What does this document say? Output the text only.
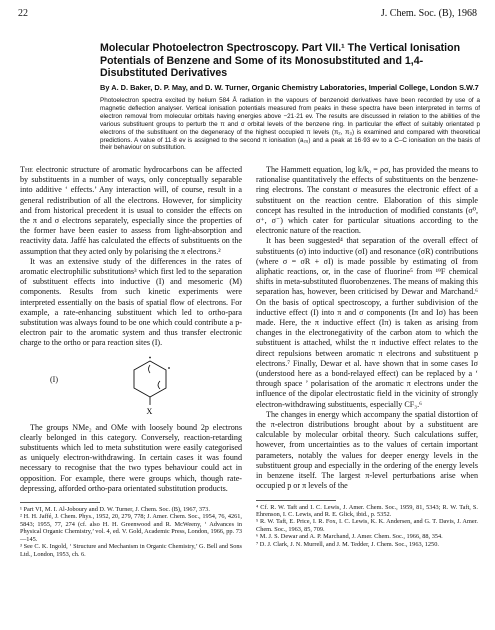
22	J. Chem. Soc. (B), 1968
Molecular Photoelectron Spectroscopy. Part VII.¹ The Vertical Ionisation Potentials of Benzene and Some of its Monosubstituted and 1,4-Disubstituted Derivatives
By A. D. Baker, D. P. May, and D. W. Turner, Organic Chemistry Laboratories, Imperial College, London S.W.7
Photoelectron spectra excited by helium 584 Å radiation in the vapours of benzenoid derivatives have been recorded by use of a magnetic deflection analyser. Vertical ionisation potentials measured from peaks in these spectra have been interpreted in terms of electron removal from molecular orbitals having energies above −21·21 ev. The results are discussed in relation to the abilities of the various substituent groups to perturb the π and σ orbital levels of the benzene ring. In particular the effect of suitably orientated p electrons of the substituent on the degeneracy of the highest occupied π levels (π₂, π₃) is examined and compared with theoretical predictions. A value of 11·8 ev is assigned to the second π ionisation (a₂ᵤ) and a peak at 16·93 ev to a C–C ionisation on the basis of their behaviour on substitution.

The electronic structure of aromatic hydrocarbons can be affected by substituents in a number of ways, only conceptually separable into additive ‘ effects.’ Any interaction will, of course, result in a general redistribution of all the electrons. However, for simplicity and from historical precedent it is usual to consider the effects on the π and σ electrons separately, especially since the properties of the former have been easier to assess from light-absorption and reactivity data. Jaffé has calculated the effects of substituents on the assumption that they acted only by polarising the π electrons.²

It was an extensive study of the differences in the rates of aromatic electrophilic substitutions³ which first led to the separation of substituent effects into inductive (I) and mesomeric (M) components. Results from such kinetic experiments were interpreted essentially on the basis of spatial flow of electrons. For example, a rate-enhancing substituent which led to ortho-para substitution was always found to be one which could contribute a p-electron pair to the aromatic system and thus transfer electronic charge to the ortho or para reaction sites (I).

(I)
X

The groups NMe₂ and OMe with loosely bound 2p electrons clearly belonged in this category. Conversely, reaction-retarding substituents which led to meta substitution were easily categorised as uniquely electron-withdrawing. In certain cases it was found necessary to recognise that the two types behaviour could act in opposition. For example, there were groups which, though rate-depressing, afforded ortho-para orientated substitution products.

¹ Part VI, M. I. Al-Joboury and D. W. Turner, J. Chem. Soc. (B), 1967, 373.
² H. H. Jaffé, J. Chem. Phys., 1952, 20, 279, 778; J. Amer. Chem. Soc., 1954, 76, 4261, 5843; 1955, 77, 274 (cf. also H. H. Greenwood and R. McWeeny, ‘ Advances in Physical Organic Chemistry,’ vol. 4, ed. V. Gold, Academic Press, London, 1966, pp. 73—145.
³ See C. K. Ingold, ‘ Structure and Mechanism in Organic Chemistry,’ G. Bell and Sons Ltd., London, 1953, ch. 6.

The Hammett equation, log k/k₀ = ρσ, has provided the means to rationalise quantitatively the effects of substituents on the benzene-ring electrons. The constant σ measures the electronic effect of a substituent on the reaction centre. Elaboration of this simple concept has resulted in the introduction of modified constants (σ⁰, σ⁺, σ⁻) which cater for particular situations according to the electronic nature of the reaction.

It has been suggested⁴ that separation of the overall effect of substituents (σ) into inductive (σI) and resonance (σR) contributions (where σ = σR + σI) is made possible by estimating σI from aliphatic reactions, or, in the case of fluorine⁵ from ¹⁹F chemical shifts in meta-substituted fluorobenzenes. The means of making this separation has, however, been criticised by Dewar and Marchand.⁶ On the basis of optical spectroscopy, a further subdivision of the inductive effect (I) into π and σ components (Iπ and Iσ) has been made. Here, the π inductive effect (Iπ) is taken as arising from changes in the electronegativity of the carbon atom to which the substituent is attached, whilst the π inductive effect relates to the direct repulsions between aromatic π electrons and substituent p electrons.⁷ Finally, Dewar et al. have shown that in some cases Iσ (understood here as a bond-relayed effect) can be replaced by a ‘ through space ’ polarisation of the aromatic π electrons under the influence of the dipolar electrostatic field in the vicinity of strongly electron-withdrawing substituents, especially CF₃.⁶

The changes in energy which accompany the spatial distortion of the π-electron distributions brought about by a substituent are calculable by molecular orbital theory. Such calculations suffer, however, from uncertainties as to the values of certain important parameters, notably the values for deeper energy levels in the substituent group and especially in the ordering of the energy levels in benzene itself. The largest π-level perturbations arise when occupied p or π levels of the

⁴ Cf. R. W. Taft and I. C. Lewis, J. Amer. Chem. Soc., 1959, 81, 5343; R. W. Taft, S. Ehrenson, I. C. Lewis, and R. E. Glick, ibid., p. 5352.
⁵ R. W. Taft, E. Price, I. R. Fox, I. C. Lewis, K. K. Andersen, and G. T. Davis, J. Amer. Chem. Soc., 1963, 85, 709.
⁶ M. J. S. Dewar and A. P. Marchand, J. Amer. Chem. Soc., 1966, 88, 354.
⁷ D. J. Clark, J. N. Murrell, and J. M. Tedder, J. Chem. Soc., 1963, 1250.
